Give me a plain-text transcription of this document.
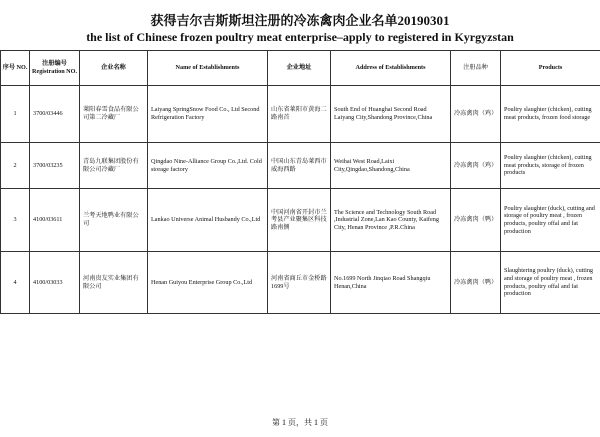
获得吉尔吉斯斯坦注册的冷冻禽肉企业名单20190301
the list of Chinese frozen poultry meat enterprise–apply to registered in Kyrgyzstan
序号 NO.	注册编号 Registration NO.	企业名称	Name of Establishments	企业地址	Address of Establishments	注册品种	Products
1	3700/03446	莱阳春雪食品有限公司第二冷藏厂	Laiyang SpringSnow Food Co., Ltd Second Refrigeration Factory	山东省莱阳市黄海二路南首	South End of Huanghai Second Road Laiyang City,Shandong Province,China	冷冻禽肉（鸡）	Poultry slaughter (chicken), cutting meat products, frozen food storage
2	3700/03235	青岛九联集团股份有限公司冷藏厂	Qingdao Nine-Alliance Group Co.,Ltd. Cold storage factory	中国山东青岛莱西市威海西路	Weihai West Road,Laixi City,Qingdao,Shandong,China	冷冻禽肉（鸡）	Poultry slaughter (chicken), cutting meat products, storage of frozen products
3	4100/03611	兰考天地鸭业有限公司	Lankao Universe Animal Husbandy Co.,Ltd	中国河南省开封市兰考县产业聚集区科技路南侧	The Science and Technology South Road ,Industrial Zone,Lan Kao County, Kaifeng City, Henan Province ,P.R.China	冷冻禽肉（鸭）	Poultry slaughter (duck), cutting and storage of poultry meat , frozen products, poultry offal and fat production
4	4100/03033	河南贵友实业集团有限公司	Henan Guiyou Enterprise Group Co.,Ltd	河南省商丘市金桥路1699号	No.1699 North Jinqiao Road Shangqiu Henan,China	冷冻禽肉（鸭）	Slaughtering poultry (duck), cutting and storage of poultry meat , frozen products, poultry offal and fat production
第 1 页，共 1 页
